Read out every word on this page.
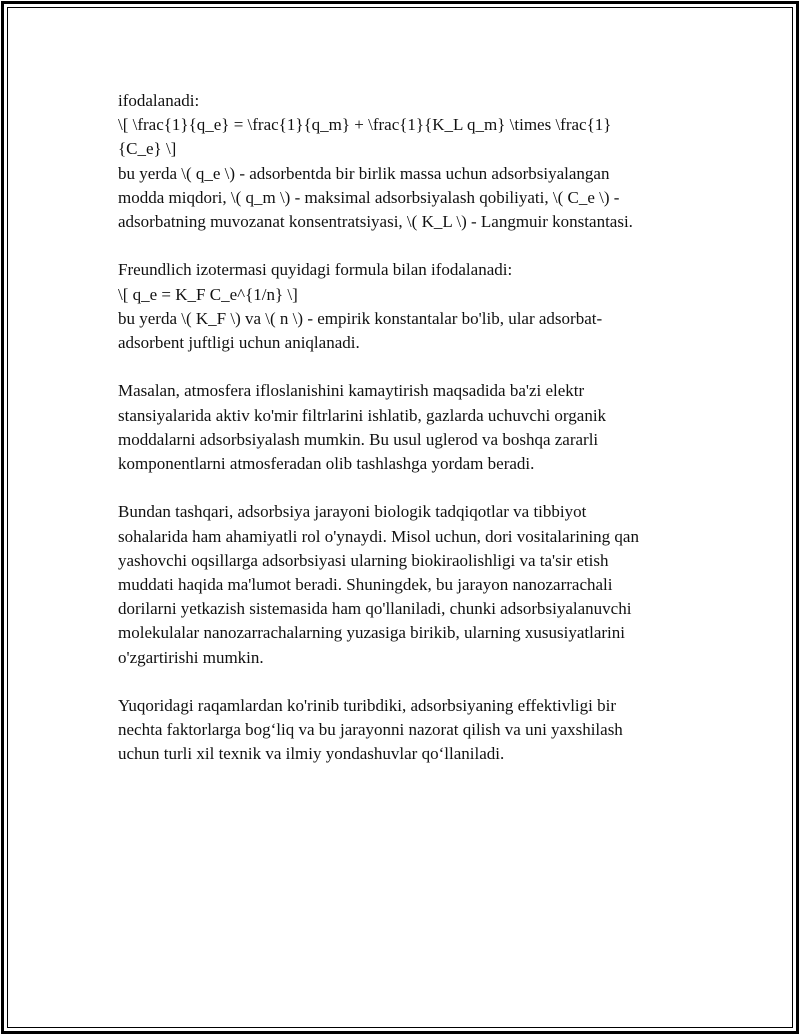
ifodalanadi:
\[ \frac{1}{q_e} = \frac{1}{q_m} + \frac{1}{K_L q_m} \times \frac{1}
{C_e} \]
bu yerda \( q_e \) - adsorbentda bir birlik massa uchun adsorbsiyalangan
modda miqdori, \( q_m \) - maksimal adsorbsiyalash qobiliyati, \( C_e \) -
adsorbatning muvozanat konsentratsiyasi, \( K_L \) - Langmuir konstantasi.

Freundlich izotermasi quyidagi formula bilan ifodalanadi:
\[ q_e = K_F C_e^{1/n} \]
bu yerda \( K_F \) va \( n \) - empirik konstantalar bo'lib, ular adsorbat-
adsorbent juftligi uchun aniqlanadi.

Masalan, atmosfera ifloslanishini kamaytirish maqsadida ba'zi elektr
stansiyalarida aktiv ko'mir filtrlarini ishlatib, gazlarda uchuvchi organik
moddalarni adsorbsiyalash mumkin. Bu usul uglerod va boshqa zararli
komponentlarni atmosferadan olib tashlashga yordam beradi.

Bundan tashqari, adsorbsiya jarayoni biologik tadqiqotlar va tibbiyot
sohalarida ham ahamiyatli rol o'ynaydi. Misol uchun, dori vositalarining qan
yashovchi oqsillarga adsorbsiyasi ularning biokiraolishligi va ta'sir etish
muddati haqida ma'lumot beradi. Shuningdek, bu jarayon nanozarrachali
dorilarni yetkazish sistemasida ham qo'llaniladi, chunki adsorbsiyalanuvchi
molekulalar nanozarrachalarning yuzasiga birikib, ularning xususiyatlarini
o'zgartirishi mumkin.

Yuqoridagi raqamlardan ko'rinib turibdiki, adsorbsiyaning effektivligi bir
nechta faktorlarga bog‘liq va bu jarayonni nazorat qilish va uni yaxshilash
uchun turli xil texnik va ilmiy yondashuvlar qo‘llaniladi.
